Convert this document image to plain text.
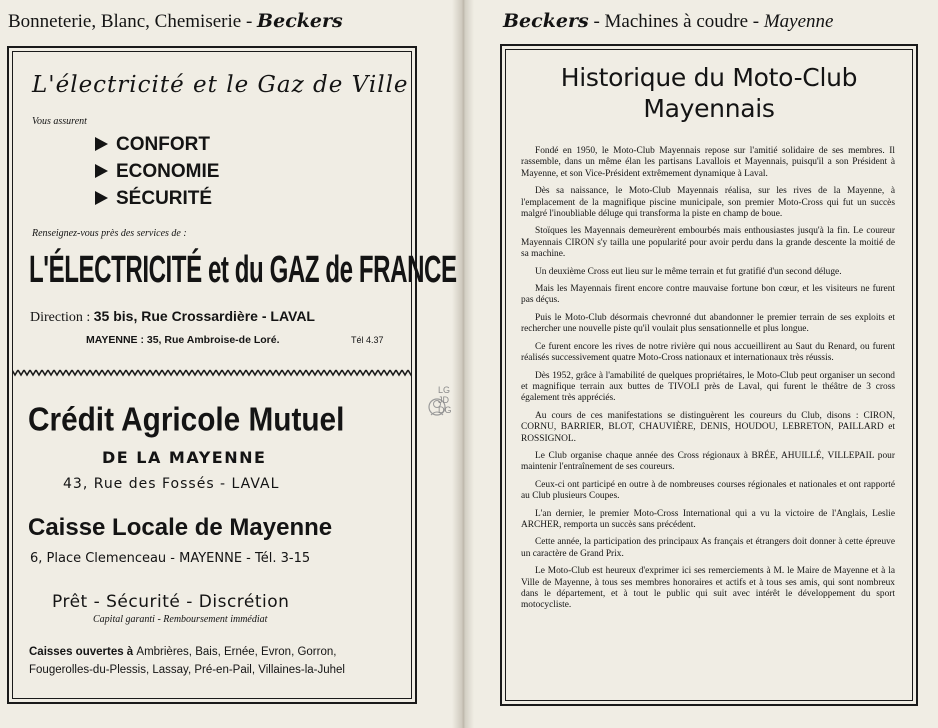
Bonneterie, Blanc, Chemiserie - Beckers
L'électricité et le Gaz de Ville
Vous assurent
CONFORT
ECONOMIE
SÉCURITÉ
Renseignez-vous près des services de :
L'ÉLECTRICITÉ et du GAZ de FRANCE
Direction : 35 bis, Rue Crossardière - LAVAL
MAYENNE : 35, Rue Ambroise-de Loré.	Tél 4.37
Crédit Agricole Mutuel
DE LA MAYENNE
43, Rue des Fossés - LAVAL
Caisse Locale de Mayenne
6, Place Clemenceau - MAYENNE - Tél. 3-15
Prêt - Sécurité - Discrétion
Capital garanti - Remboursement immédiat
Caisses ouvertes à Ambrières, Bais, Ernée, Evron, Gorron,
Fougerolles-du-Plessis, Lassay, Pré-en-Pail, Villaines-la-Juhel
LG
JD
DG
Beckers - Machines à coudre - Mayenne
Historique du Moto-Club
Mayennais

Fondé en 1950, le Moto-Club Mayennais repose sur l'amitié solidaire de ses membres. Il rassemble, dans un même élan les partisans Lavallois et Mayennais, puisqu'il a son Président à Mayenne, et son Vice-Président extrêmement dynamique à Laval.

Dès sa naissance, le Moto-Club Mayennais réalisa, sur les rives de la Mayenne, à l'emplacement de la magnifique piscine municipale, son premier Moto-Cross qui fut un succès malgré l'inoubliable déluge qui transforma la piste en champ de boue.

Stoïques les Mayennais demeurèrent embourbés mais enthousiastes jusqu'à la fin. Le coureur Mayennais CIRON s'y tailla une popularité pour avoir perdu dans la grande descente la moitié de sa machine.

Un deuxième Cross eut lieu sur le même terrain et fut gratifié d'un second déluge.

Mais les Mayennais firent encore contre mauvaise fortune bon cœur, et les visiteurs ne furent pas déçus.

Puis le Moto-Club désormais chevronné dut abandonner le premier terrain de ses exploits et rechercher une nouvelle piste qu'il voulait plus sensationnelle et plus longue.

Ce furent encore les rives de notre rivière qui nous accueillirent au Saut du Renard, ou furent réalisés successivement quatre Moto-Cross nationaux et internationaux très réussis.

Dès 1952, grâce à l'amabilité de quelques propriétaires, le Moto-Club peut organiser un second et magnifique terrain aux buttes de TIVOLI près de Laval, qui furent le théâtre de 3 cross également très appréciés.

Au cours de ces manifestations se distinguèrent les coureurs du Club, disons : CIRON, CORNU, BARRIER, BLOT, CHAUVIÈRE, DENIS, HOUDOU, LEBRETON, PAILLARD et ROSSIGNOL.

Le Club organise chaque année des Cross régionaux à BRÉE, AHUILLÉ, VILLEPAIL pour maintenir l'entraînement de ses coureurs.

Ceux-ci ont participé en outre à de nombreuses courses régionales et nationales et ont rapporté au Club plusieurs Coupes.

L'an dernier, le premier Moto-Cross International qui a vu la victoire de l'Anglais, Leslie ARCHER, remporta un succès sans précédent.

Cette année, la participation des principaux As français et étrangers doit donner à cette épreuve un caractère de Grand Prix.

Le Moto-Club est heureux d'exprimer ici ses remerciements à M. le Maire de Mayenne et à la Ville de Mayenne, à tous ses membres honoraires et actifs et à tous ses amis, qui sont nombreux dans le département, et à tout le public qui suit avec intérêt le développement du sport motocycliste.
